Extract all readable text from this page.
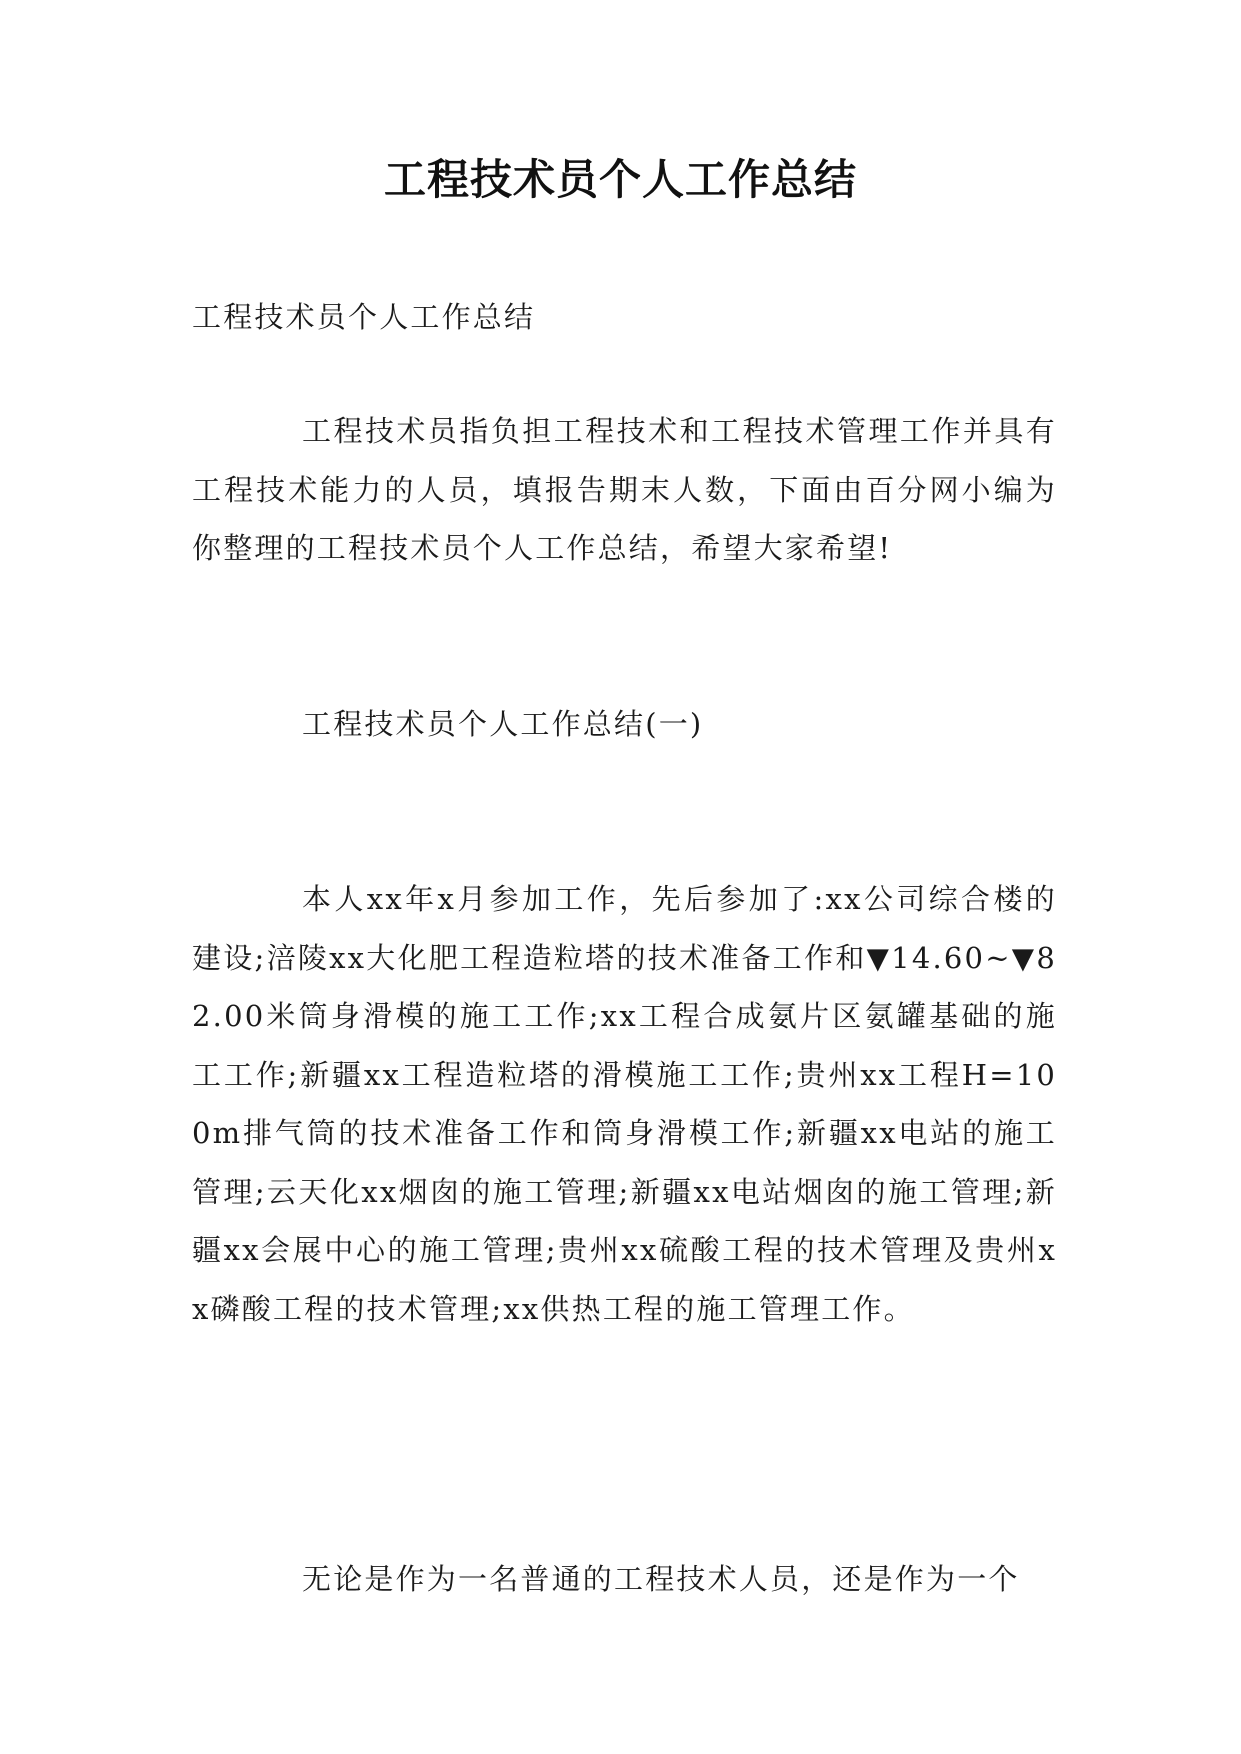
工程技术员个人工作总结

工程技术员个人工作总结

工程技术员指负担工程技术和工程技术管理工作并具有工程技术能力的人员，填报告期末人数，下面由百分网小编为你整理的工程技术员个人工作总结，希望大家希望!

工程技术员个人工作总结(一)

本人xx年x月参加工作，先后参加了:xx公司综合楼的建设;涪陵xx大化肥工程造粒塔的技术准备工作和▼14.60~▼82.00米筒身滑模的施工工作;xx工程合成氨片区氨罐基础的施工工作;新疆xx工程造粒塔的滑模施工工作;贵州xx工程H=100m排气筒的技术准备工作和筒身滑模工作;新疆xx电站的施工管理;云天化xx烟囱的施工管理;新疆xx电站烟囱的施工管理;新疆xx会展中心的施工管理;贵州xx硫酸工程的技术管理及贵州xx磷酸工程的技术管理;xx供热工程的施工管理工作。

无论是作为一名普通的工程技术人员，还是作为一个
